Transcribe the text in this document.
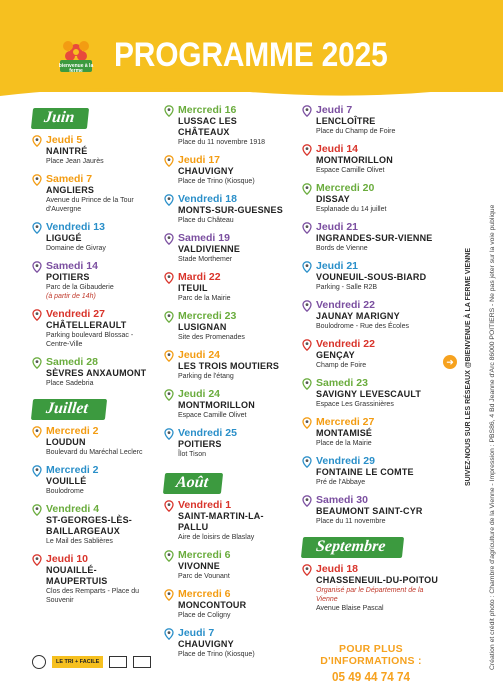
bienvenue à la ferme PROGRAMME 2025
Juin
Jeudi 5
NAINTRÉ
Place Jean Jaurès
Samedi 7
ANGLIERS
Avenue du Prince de la Tour
d'Auvergne
Vendredi 13
LIGUGÉ
Domaine de Givray
Samedi 14
POITIERS
Parc de la Gibauderie
(à partir de 14h)
Vendredi 27
CHÂTELLERAULT
Parking boulevard Blossac -
Centre-Ville
Samedi 28
SÈVRES ANXAUMONT
Place Sadebria
Juillet
Mercredi 2
LOUDUN
Boulevard du Maréchal Leclerc
Mercredi 2
VOUILLÉ
Boulodrome
Vendredi 4
ST-GEORGES-LÈS-BAILLARGEAUX
Le Mail des Sablières
Jeudi 10
NOUAILLÉ-MAUPERTUIS
Clos des Remparts - Place du
Souvenir
Mercredi 16
LUSSAC LES CHÂTEAUX
Place du 11 novembre 1918
Jeudi 17
CHAUVIGNY
Place de Trino (Kiosque)
Vendredi 18
MONTS-SUR-GUESNES
Place du Château
Samedi 19
VALDIVIENNE
Stade Morthemer
Mardi 22
ITEUIL
Parc de la Mairie
Mercredi 23
LUSIGNAN
Site des Promenades
Jeudi 24
LES TROIS MOUTIERS
Parking de l'étang
Jeudi 24
MONTMORILLON
Espace Camille Olivet
Vendredi 25
POITIERS
Îlot Tison
Août
Vendredi 1
SAINT-MARTIN-LA-PALLU
Aire de loisirs de Blaslay
Mercredi 6
VIVONNE
Parc de Vounant
Mercredi 6
MONCONTOUR
Place de Coligny
Jeudi 7
CHAUVIGNY
Place de Trino (Kiosque)
Jeudi 7
LENCLOÎTRE
Place du Champ de Foire
Jeudi 14
MONTMORILLON
Espace Camille Olivet
Mercredi 20
DISSAY
Esplanade du 14 juillet
Jeudi 21
INGRANDES-SUR-VIENNE
Bords de Vienne
Jeudi 21
VOUNEUIL-SOUS-BIARD
Parking - Salle R2B
Vendredi 22
JAUNAY MARIGNY
Boulodrome - Rue des Écoles
Vendredi 22
GENÇAY
Champ de Foire
Samedi 23
SAVIGNY LEVESCAULT
Espace Les Grassinières
Mercredi 27
MONTAMISÉ
Place de la Mairie
Vendredi 29
FONTAINE LE COMTE
Pré de l'Abbaye
Samedi 30
BEAUMONT SAINT-CYR
Place du 11 novembre
Septembre
Jeudi 18
CHASSENEUIL-DU-POITOU
Organisé par le Département de la Vienne
Avenue Blaise Pascal
POUR PLUS D'INFORMATIONS :
05 49 44 74 74
SUIVEZ-NOUS SUR LES RÉSEAUX @BIENVENUE À LA FERME VIENNE
➜	Création et crédit photo : Chambre d'agriculture de la Vienne - Impression : PBS86, 4 Bd Jeanne d'Arc 86000 POITIERS - Ne pas jeter sur la voie publique
LE TRI + FACILE
